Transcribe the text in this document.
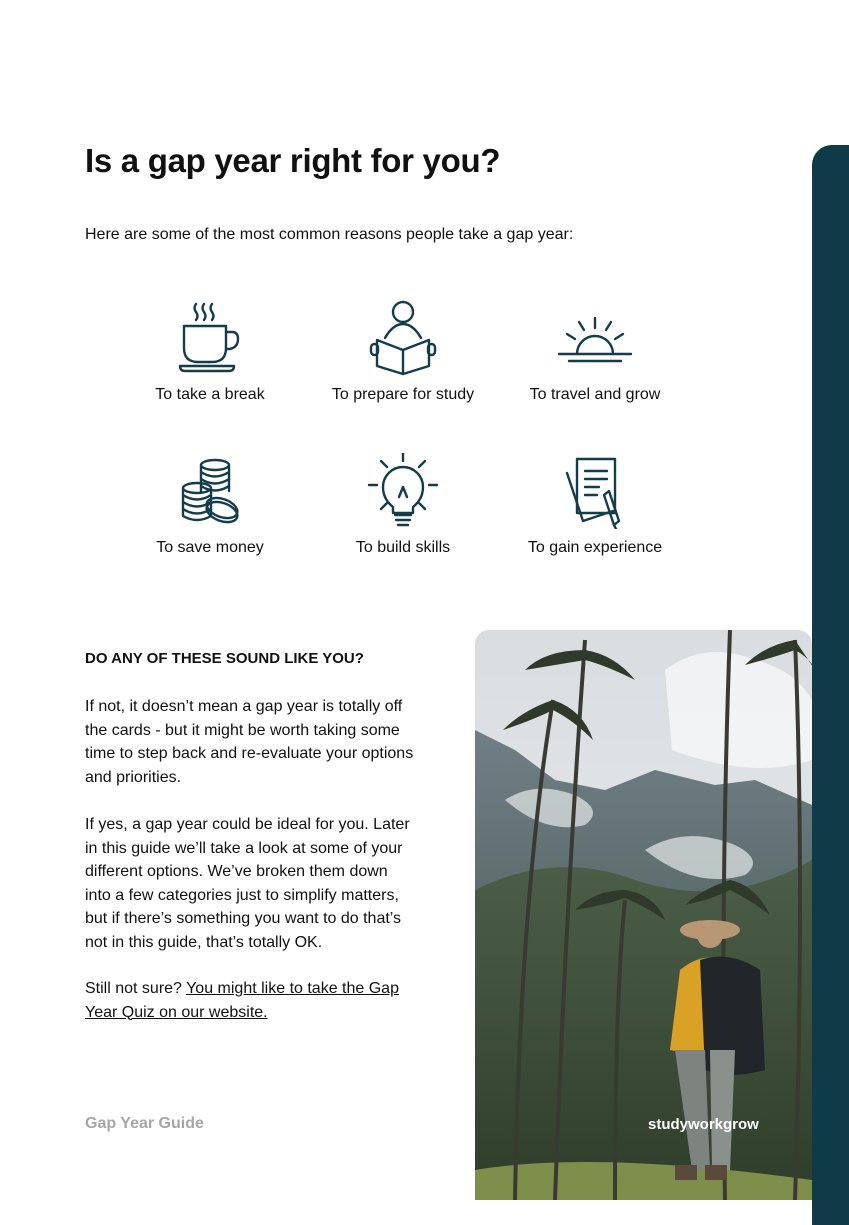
Is a gap year right for you?

Here are some of the most common reasons people take a gap year:

To take a break	To prepare for study	To travel and grow
To save money	To build skills	To gain experience
DO ANY OF THESE SOUND LIKE YOU?

If not, it doesn’t mean a gap year is totally off the cards - but it might be worth taking some time to step back and re-evaluate your options and priorities.

If yes, a gap year could be ideal for you. Later in this guide we’ll take a look at some of your different options. We’ve broken them down into a few categories just to simplify matters, but if there’s something you want to do that’s not in this guide, that’s totally OK.

Still not sure? You might like to take the Gap Year Quiz on our website.

Gap Year Guide	studyworkgrow
